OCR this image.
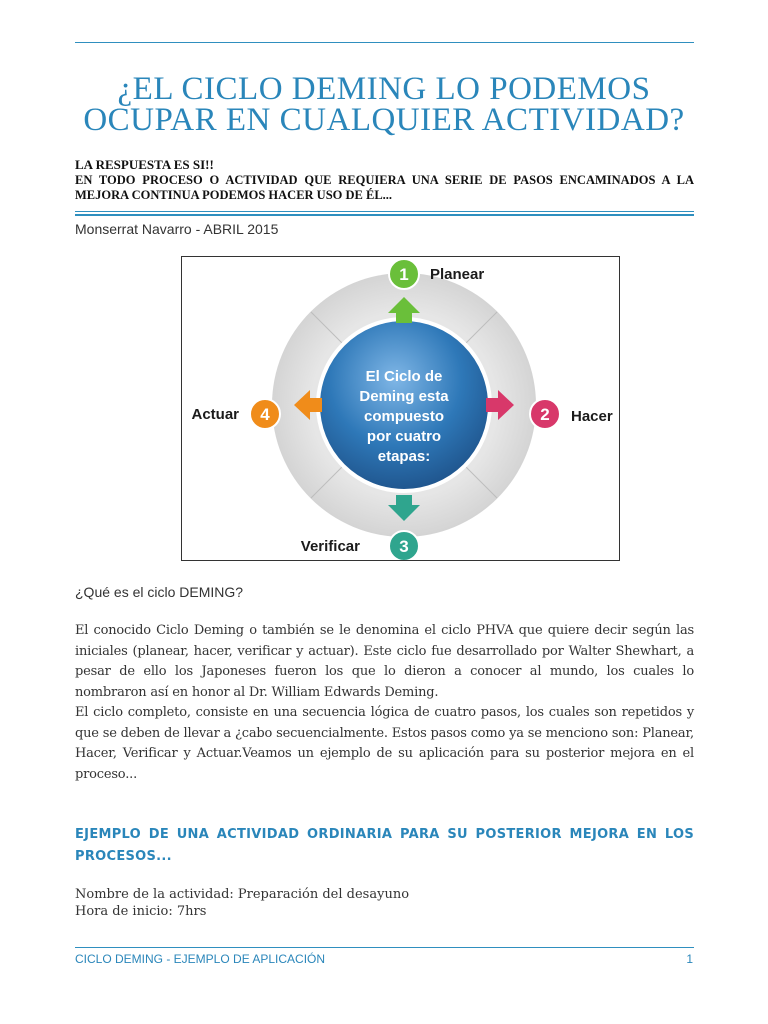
¿EL CICLO DEMING LO PODEMOS OCUPAR EN CUALQUIER ACTIVIDAD?
LA RESPUESTA ES SI!!
EN TODO PROCESO O ACTIVIDAD QUE REQUIERA UNA SERIE DE PASOS ENCAMINADOS A LA MEJORA CONTINUA PODEMOS HACER USO DE ÉL...
Monserrat Navarro - ABRIL 2015
El Ciclo de Deming esta compuesto por cuatro etapas:
1 Planear
2 Hacer
3
Verificar
4
Actuar
¿Qué es el ciclo DEMING?

El conocido Ciclo Deming o también se le denomina el ciclo PHVA que quiere decir según las iniciales (planear, hacer, verificar y actuar). Este ciclo fue desarrollado por Walter Shewhart, a pesar de ello los Japoneses fueron los que lo dieron a conocer al mundo, los cuales lo nombraron así en honor al Dr. William Edwards Deming.

El ciclo completo, consiste en una secuencia lógica de cuatro pasos, los cuales son repetidos y que se deben de llevar a ¿cabo secuencialmente. Estos pasos como ya se menciono son: Planear, Hacer, Verificar y Actuar.Veamos un ejemplo de su aplicación para su posterior mejora en el proceso...

EJEMPLO DE UNA ACTIVIDAD ORDINARIA PARA SU POSTERIOR MEJORA EN LOS PROCESOS...
Nombre de la actividad: Preparación del desayuno
Hora de inicio: 7hrs
CICLO DEMING - EJEMPLO DE APLICACIÓN	1
